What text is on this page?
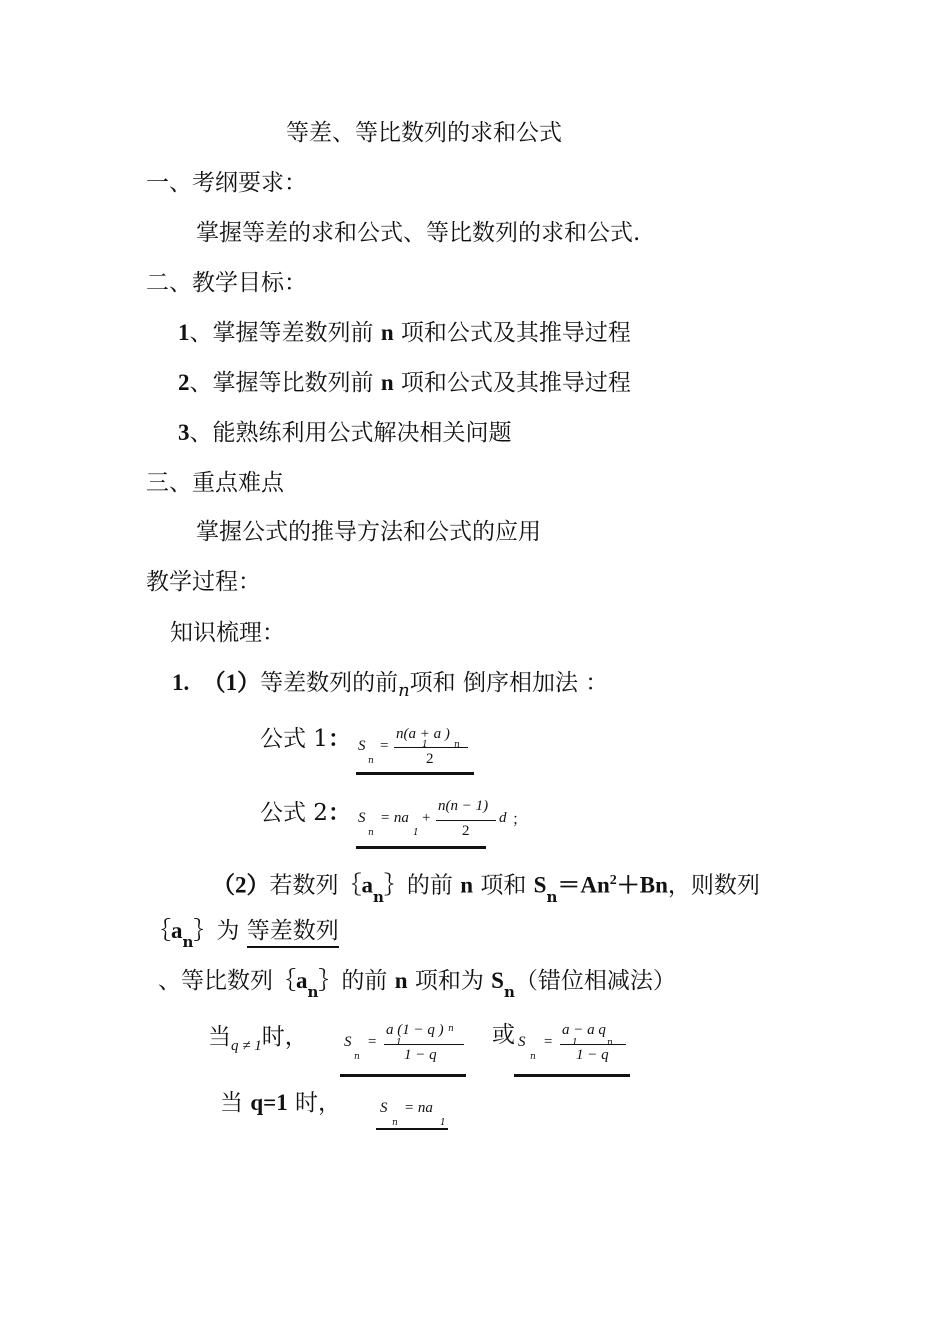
等差、等比数列的求和公式
一、考纲要求：
掌握等差的求和公式、等比数列的求和公式.
二、教学目标：
1、掌握等差数列前 n 项和公式及其推导过程
2、掌握等比数列前 n 项和公式及其推导过程
3、能熟练利用公式解决相关问题
三、重点难点
掌握公式的推导方法和公式的应用
教学过程：
知识梳理：
1. （1）等差数列的前$_n$项和 倒序相加法 ：
公式 1： S
n
=
n(a + a )
1	n
2
公式 2： S
n
= na
1
+
n(n − 1)
2
d ；
（2）若数列$\{a_n\}$的前 n 项和 $S_n=An^2+Bn$，则数列
$\{a_n\}$为 等差数列
、等比数列$\{a_n\}$的前 n 项和为 $S_n$（错位相减法）
当$_{q \ne 1}$时， S
n
=
a (1 − q )
1
n
1 − q
或 S
n
=
a − a q
1	n
1 − q
当 q=1 时，	S
n
= na
1
